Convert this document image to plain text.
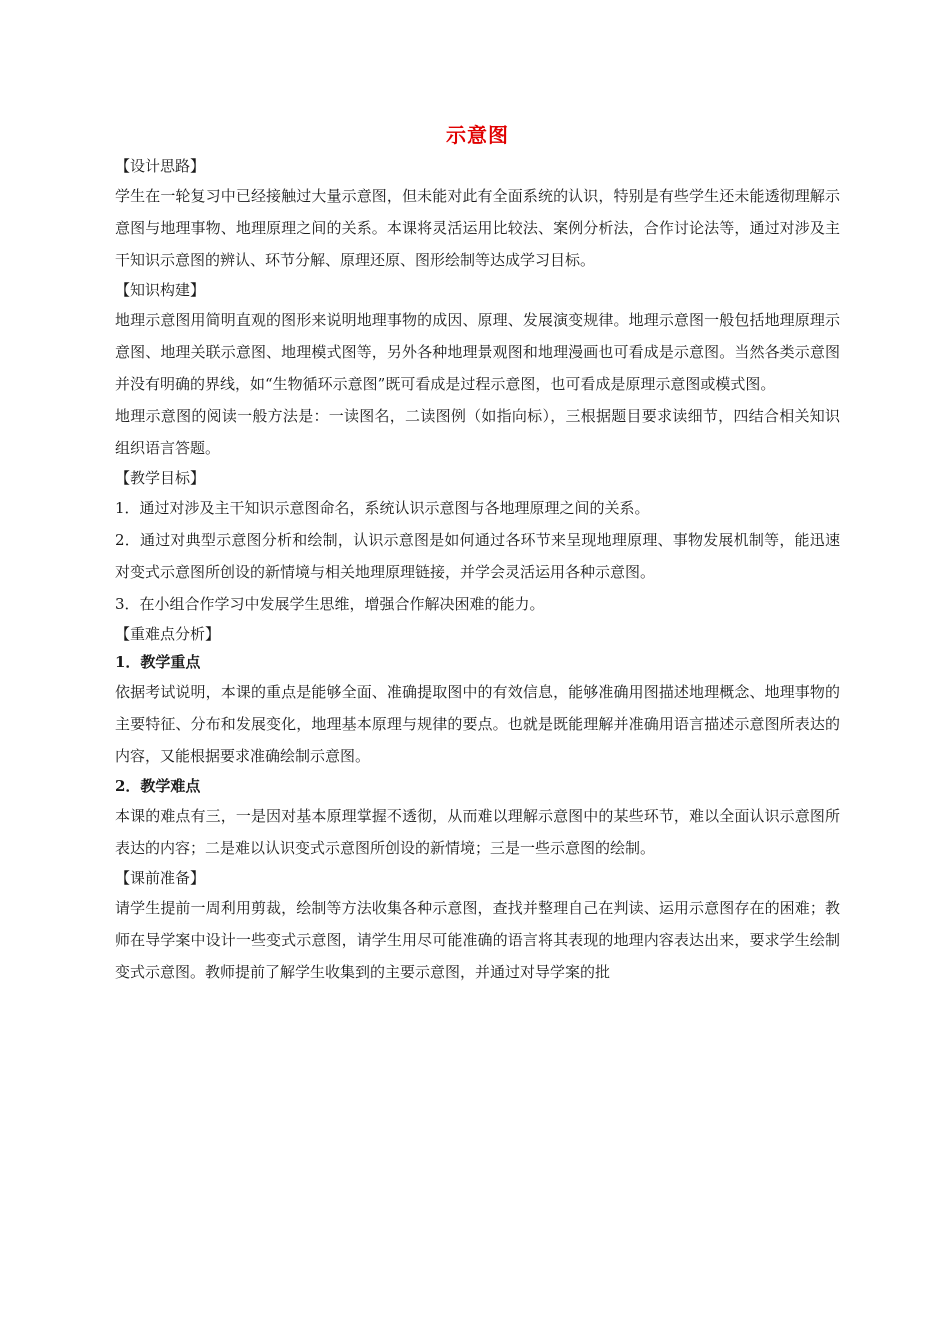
示意图

【设计思路】

学生在一轮复习中已经接触过大量示意图，但未能对此有全面系统的认识，特别是有些学生还未能透彻理解示意图与地理事物、地理原理之间的关系。本课将灵活运用比较法、案例分析法，合作讨论法等，通过对涉及主干知识示意图的辨认、环节分解、原理还原、图形绘制等达成学习目标。

【知识构建】

地理示意图用简明直观的图形来说明地理事物的成因、原理、发展演变规律。地理示意图一般包括地理原理示意图、地理关联示意图、地理模式图等，另外各种地理景观图和地理漫画也可看成是示意图。当然各类示意图并没有明确的界线，如“生物循环示意图”既可看成是过程示意图，也可看成是原理示意图或模式图。

地理示意图的阅读一般方法是：一读图名，二读图例（如指向标），三根据题目要求读细节，四结合相关知识组织语言答题。

【教学目标】

1．通过对涉及主干知识示意图命名，系统认识示意图与各地理原理之间的关系。

2．通过对典型示意图分析和绘制，认识示意图是如何通过各环节来呈现地理原理、事物发展机制等，能迅速对变式示意图所创设的新情境与相关地理原理链接，并学会灵活运用各种示意图。

3．在小组合作学习中发展学生思维，增强合作解决困难的能力。

【重难点分析】

1．教学重点

依据考试说明，本课的重点是能够全面、准确提取图中的有效信息，能够准确用图描述地理概念、地理事物的主要特征、分布和发展变化，地理基本原理与规律的要点。也就是既能理解并准确用语言描述示意图所表达的内容，又能根据要求准确绘制示意图。

2．教学难点

本课的难点有三，一是因对基本原理掌握不透彻，从而难以理解示意图中的某些环节，难以全面认识示意图所表达的内容；二是难以认识变式示意图所创设的新情境；三是一些示意图的绘制。

【课前准备】

请学生提前一周利用剪裁，绘制等方法收集各种示意图，查找并整理自己在判读、运用示意图存在的困难；教师在导学案中设计一些变式示意图，请学生用尽可能准确的语言将其表现的地理内容表达出来，要求学生绘制变式示意图。教师提前了解学生收集到的主要示意图，并通过对导学案的批
